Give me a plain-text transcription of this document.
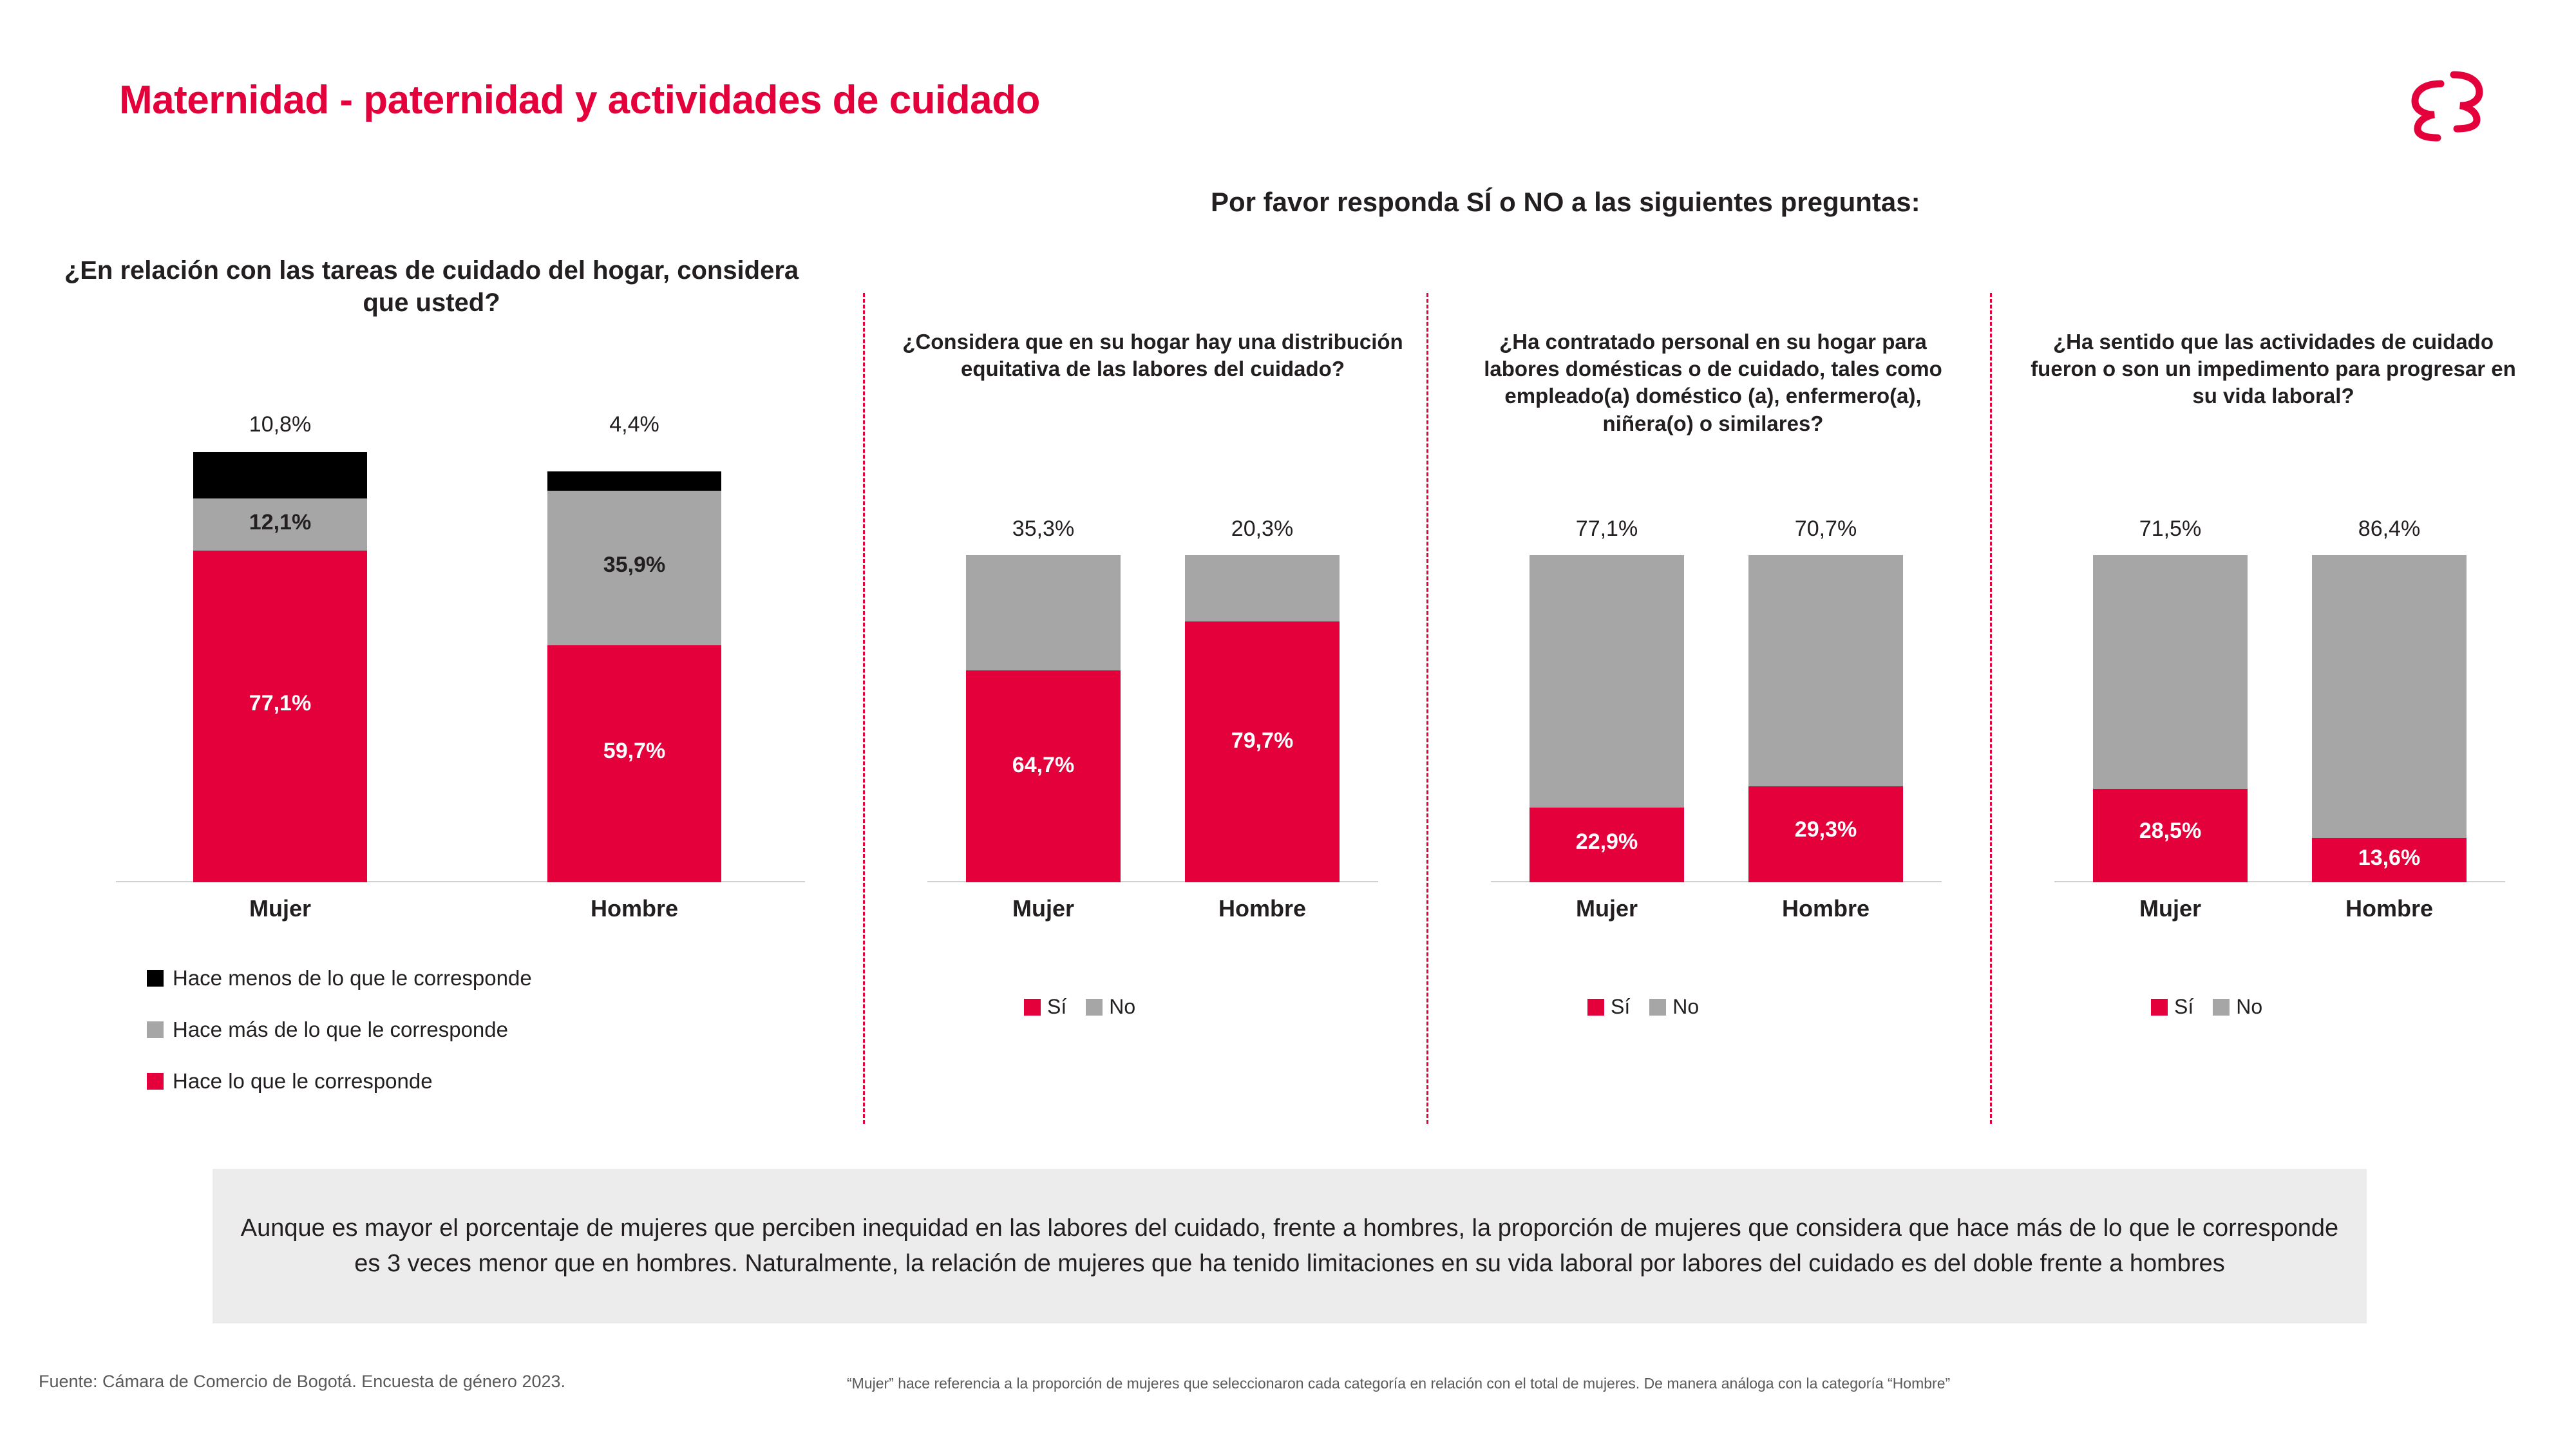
Maternidad - paternidad y actividades de cuidado
Por favor responda SÍ o NO a las siguientes preguntas:
¿En relación con las tareas de cuidado del hogar, considera que usted?
10,8%
12,1%
77,1%
4,4%
35,9%
59,7%
Mujer	Hombre
Hace menos de lo que le corresponde
Hace más de lo que le corresponde
Hace lo que le corresponde
¿Considera que en su hogar hay una distribución equitativa de las labores del cuidado?
35,3%
64,7%
20,3%
79,7%
Mujer	Hombre
Sí No
¿Ha contratado personal en su hogar para labores domésticas o de cuidado, tales como empleado(a) doméstico (a), enfermero(a), niñera(o) o similares?
77,1%
22,9%
70,7%
29,3%
Mujer	Hombre
Sí No
¿Ha sentido que las actividades de cuidado fueron o son un impedimento para progresar en su vida laboral?
71,5%
28,5%
86,4%
13,6%
Mujer	Hombre
Sí No

Aunque es mayor el porcentaje de mujeres que perciben inequidad en las labores del cuidado, frente a hombres, la proporción de mujeres que considera que hace más de lo que le corresponde es 3 veces menor que en hombres. Naturalmente, la relación de mujeres que ha tenido limitaciones en su vida laboral por labores del cuidado es del doble frente a hombres

Fuente: Cámara de Comercio de Bogotá. Encuesta de género 2023.	“Mujer” hace referencia a la proporción de mujeres que seleccionaron cada categoría en relación con el total de mujeres. De manera análoga con la categoría “Hombre”
